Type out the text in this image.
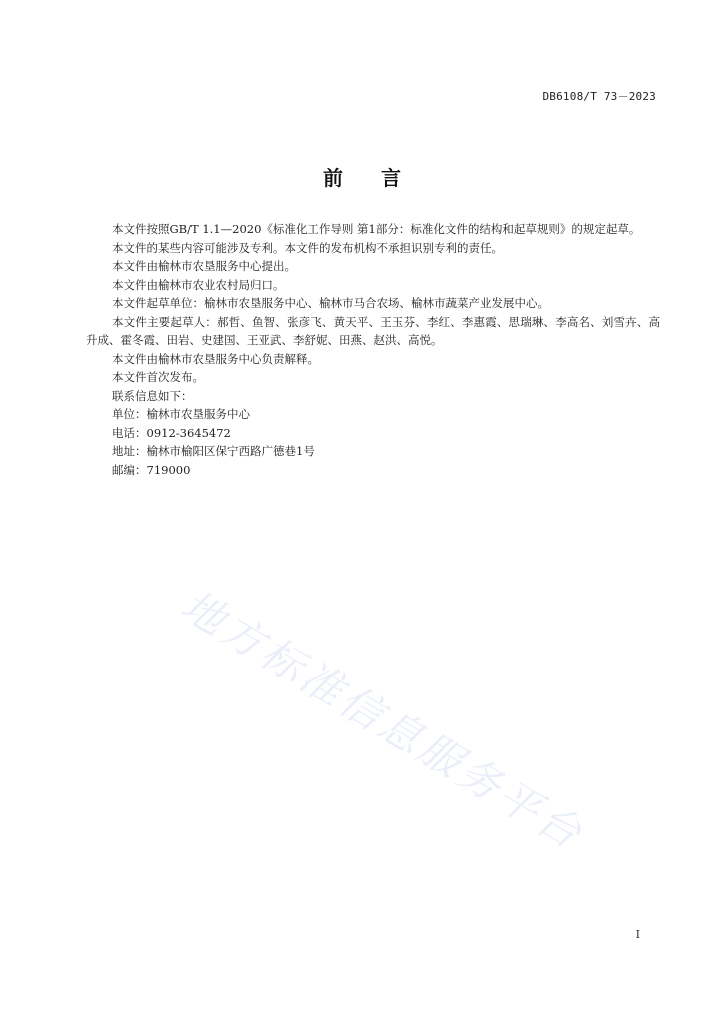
DB6108/T 73－2023
前言

本文件按照GB/T 1.1—2020《标准化工作导则 第1部分：标准化文件的结构和起草规则》的规定起草。

本文件的某些内容可能涉及专利。本文件的发布机构不承担识别专利的责任。

本文件由榆林市农垦服务中心提出。

本文件由榆林市农业农村局归口。

本文件起草单位：榆林市农垦服务中心、榆林市马合农场、榆林市蔬菜产业发展中心。

本文件主要起草人：郝哲、鱼智、张彦飞、黄天平、王玉芬、李红、李惠霞、思瑞琳、李高名、刘雪卉、高升成、霍冬霞、田岩、史建国、王亚武、李舒妮、田燕、赵洪、高悦。

本文件由榆林市农垦服务中心负责解释。

本文件首次发布。

联系信息如下：

单位：榆林市农垦服务中心

电话：0912-3645472

地址：榆林市榆阳区保宁西路广德巷1号

邮编：719000

地方标准信息服务平台
I
